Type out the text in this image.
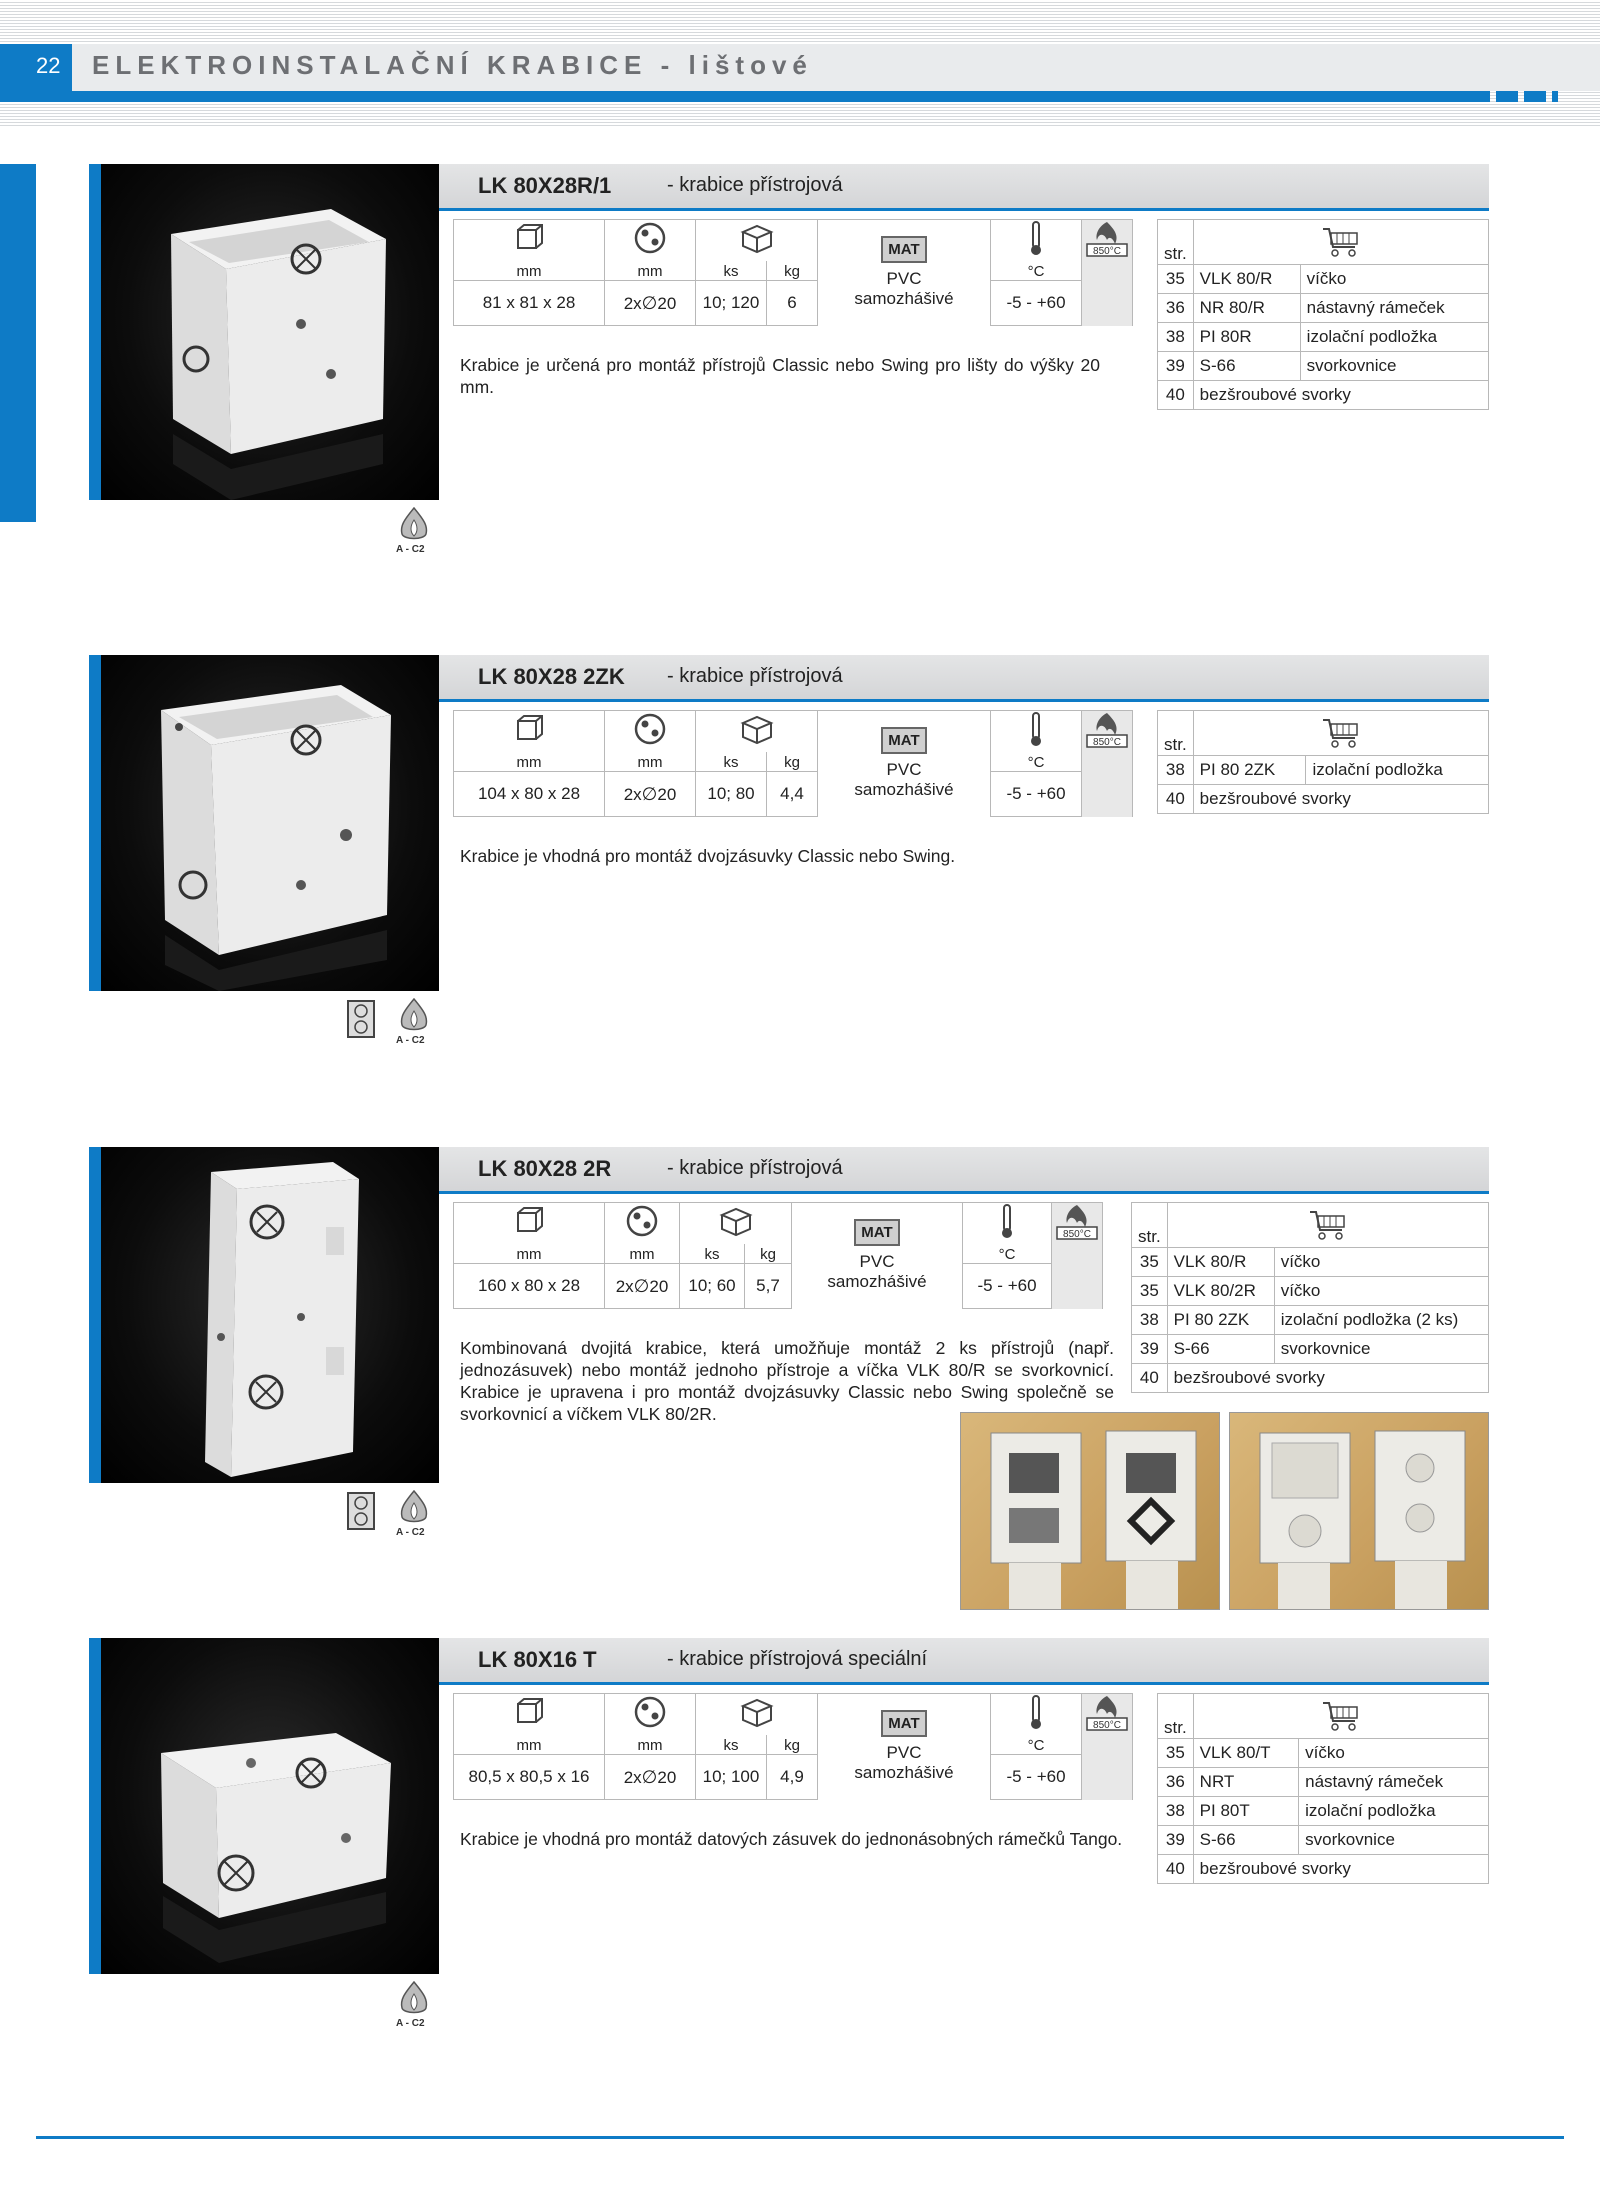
22	ELEKTROINSTALAČNÍ KRABICE - lištové
LK 80X28R/1	- krabice přístrojová
			MAT
PVC
samozhášivé		850°C

mm	mm	ks	kg		°C	
81 x 81 x 28	2x∅20	10; 120	6		-5 - +60	
str.	
35	VLK 80/R	víčko
36	NR 80/R	nástavný rámeček
38	PI 80R	izolační podložka
39	S-66	svorkovnice
40	bezšroubové svorky	
Krabice je určená pro montáž přístrojů Classic nebo Swing pro lišty do výšky 20 mm.
A - C2
LK 80X28 2ZK - krabice přístrojová
			MAT
PVC
samozhášivé		850°C

mm	mm	ks	kg		°C	
104 x 80 x 28	2x∅20	10; 80	4,4		-5 - +60	
str.	
38	PI 80 2ZK	izolační podložka
40	bezšroubové svorky	
Krabice je vhodná pro montáž dvojzásuvky Classic nebo Swing.
A - C2
LK 80X28 2R	- krabice přístrojová
			MAT
PVC
samozhášivé		850°C

mm	mm	ks	kg		°C	
160 x 80 x 28	2x∅20	10; 60	5,7		-5 - +60	
str.	
35	VLK 80/R	víčko
35	VLK 80/2R	víčko
38	PI 80 2ZK	izolační podložka (2 ks)
39	S-66	svorkovnice
40	bezšroubové svorky	
Kombinovaná dvojitá krabice, která umožňuje montáž 2 ks přístrojů (např. jednozásuvek) nebo montáž jednoho přístroje a víčka VLK 80/R se svorkovnicí. Krabice je upravena i pro montáž dvojzásuvky Classic nebo Swing společně se svorkovnicí a víčkem VLK 80/2R.
A - C2
LK 80X16 T	- krabice přístrojová speciální
			MAT
PVC
samozhášivé		850°C

mm	mm	ks	kg		°C	
80,5 x 80,5 x 16	2x∅20	10; 100	4,9		-5 - +60	
str.	
35	VLK 80/T	víčko
36	NRT	nástavný rámeček
38	PI 80T	izolační podložka
39	S-66	svorkovnice
40	bezšroubové svorky	
Krabice je vhodná pro montáž datových zásuvek do jednonásobných rámečků Tango.
A - C2
